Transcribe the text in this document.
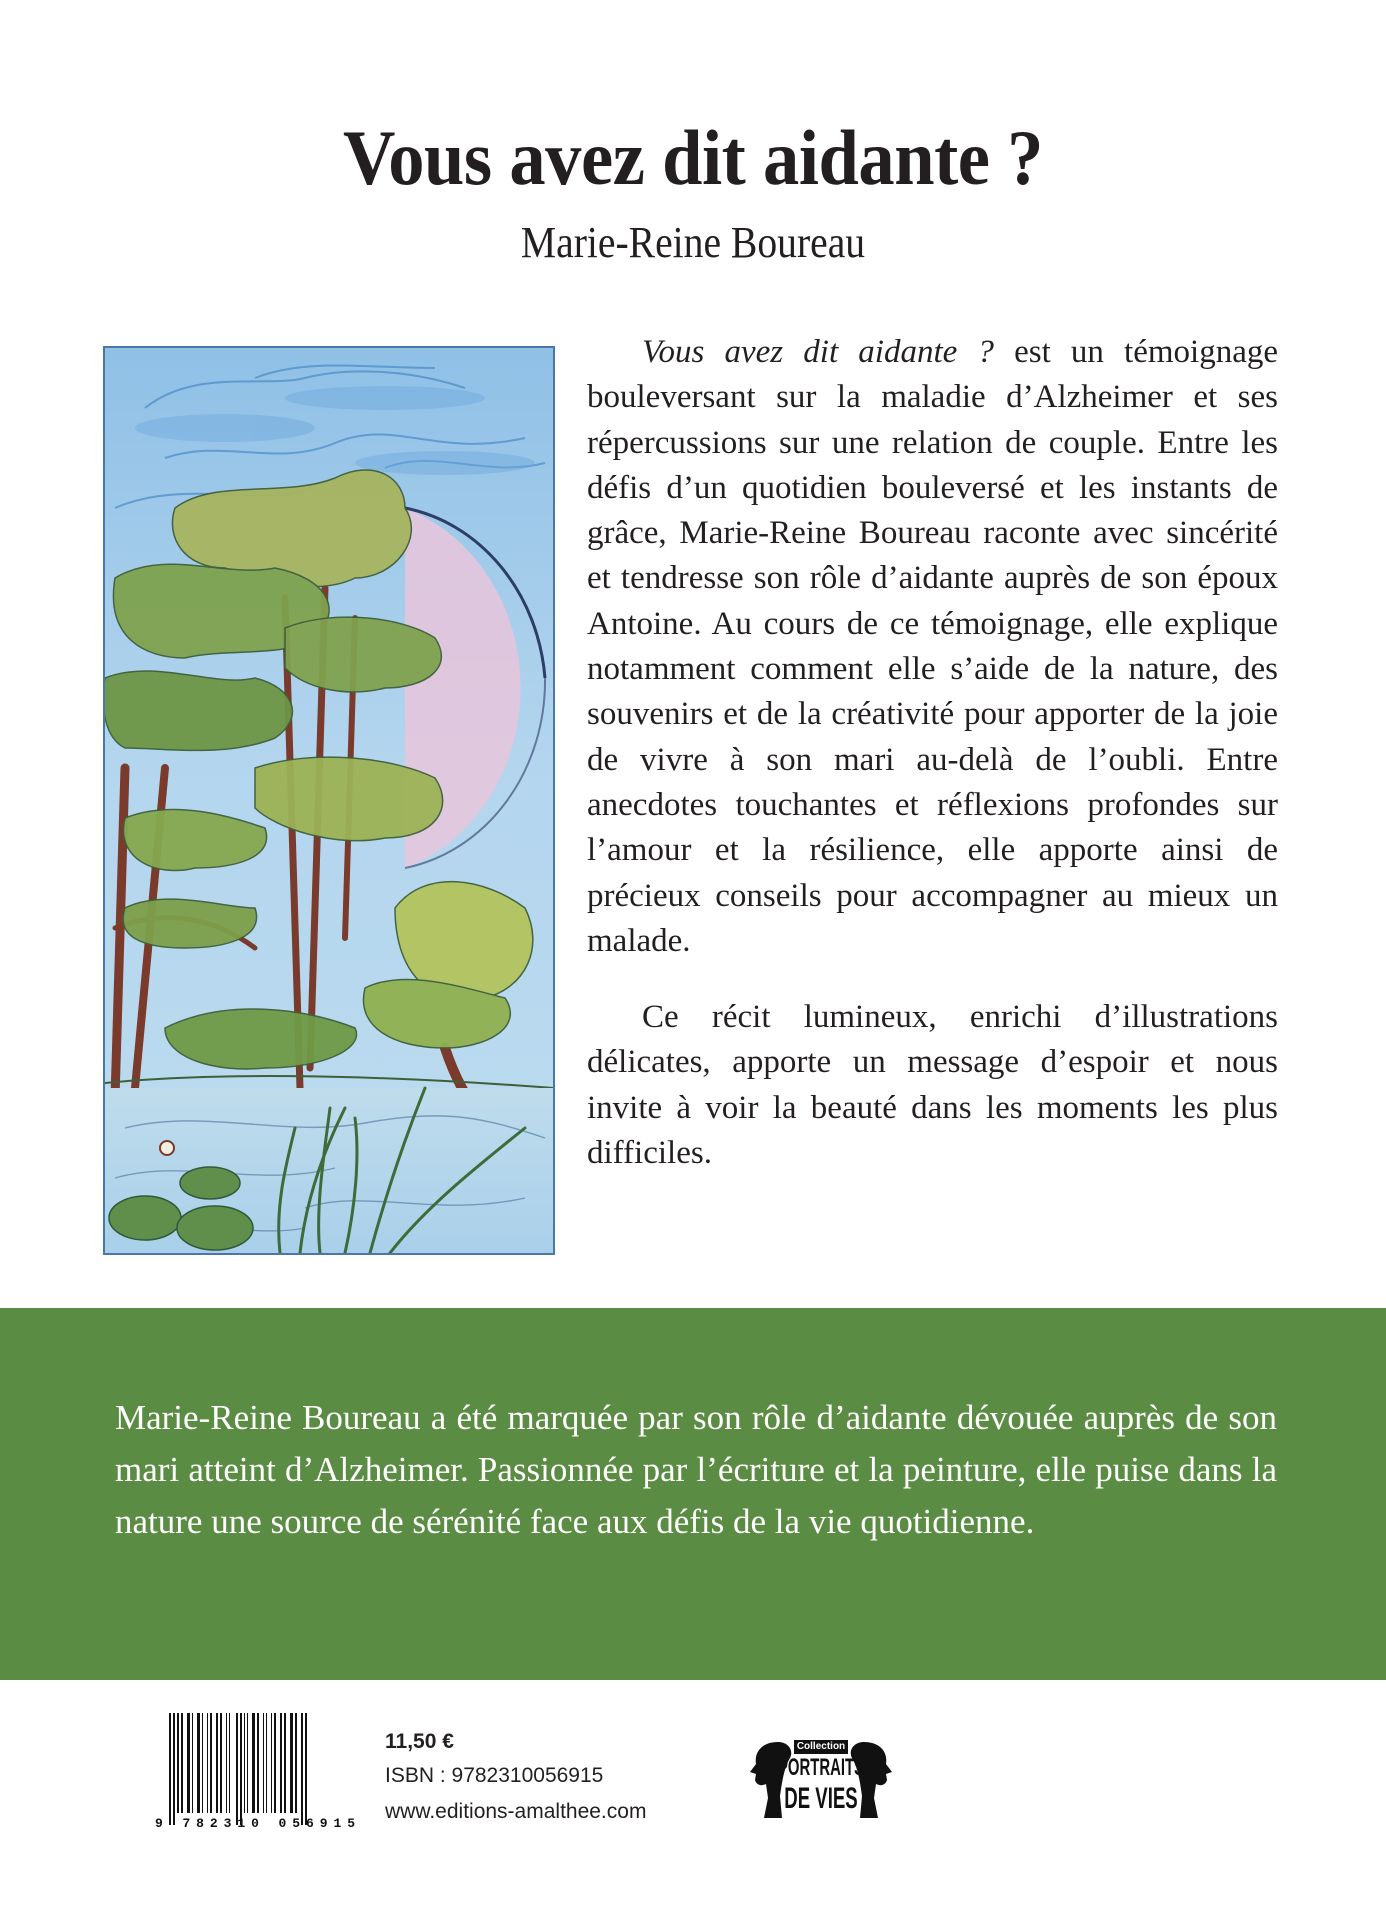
Vous avez dit aidante ?
Marie-Reine Boureau

Vous avez dit aidante ? est un témoignage bouleversant sur la maladie d’Alzheimer et ses répercussions sur une relation de couple. Entre les défis d’un quotidien bouleversé et les instants de grâce, Marie-Reine Boureau raconte avec sincérité et tendresse son rôle d’aidante auprès de son époux Antoine. Au cours de ce témoignage, elle explique notamment comment elle s’aide de la nature, des souvenirs et de la créativité pour apporter de la joie de vivre à son mari au-delà de l’oubli. Entre anecdotes touchantes et réflexions profondes sur l’amour et la résilience, elle apporte ainsi de précieux conseils pour accompagner au mieux un malade.

Ce récit lumineux, enrichi d’illustrations délicates, apporte un message d’espoir et nous invite à voir la beauté dans les moments les plus difficiles.

Marie-Reine Boureau a été marquée par son rôle d’aidante dévouée auprès de son mari atteint d’Alzheimer. Passionnée par l’écriture et la peinture, elle puise dans la nature une source de sérénité face aux défis de la vie quotidienne.
9 782310 056915
11,50 €
ISBN : 9782310056915
www.editions-amalthee.com
Collection
PORTRAITS
DE VIES
